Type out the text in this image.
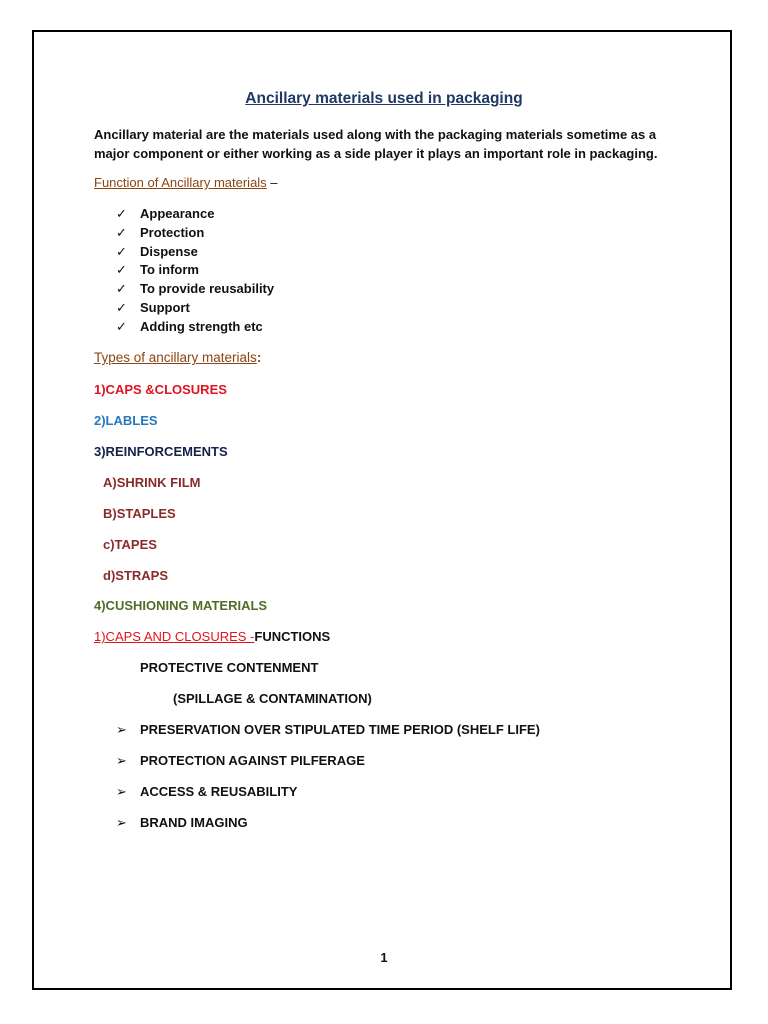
Ancillary materials used in packaging
Ancillary material are the materials used along with the packaging materials sometime as a major component or either working as a side player it plays an important role in packaging.
Function of Ancillary materials –
✓ Appearance
✓ Protection
✓ Dispense
✓ To inform
✓ To provide reusability
✓ Support
✓ Adding strength etc
Types of ancillary materials:
1)CAPS &CLOSURES
2)LABLES
3)REINFORCEMENTS
A)SHRINK FILM
B)STAPLES
c)TAPES
d)STRAPS
4)CUSHIONING MATERIALS
1)CAPS AND CLOSURES -FUNCTIONS
PROTECTIVE CONTENMENT
(SPILLAGE & CONTAMINATION)
➢ PRESERVATION OVER STIPULATED TIME PERIOD (SHELF LIFE)
➢ PROTECTION AGAINST PILFERAGE
➢ ACCESS & REUSABILITY
➢ BRAND IMAGING
1
